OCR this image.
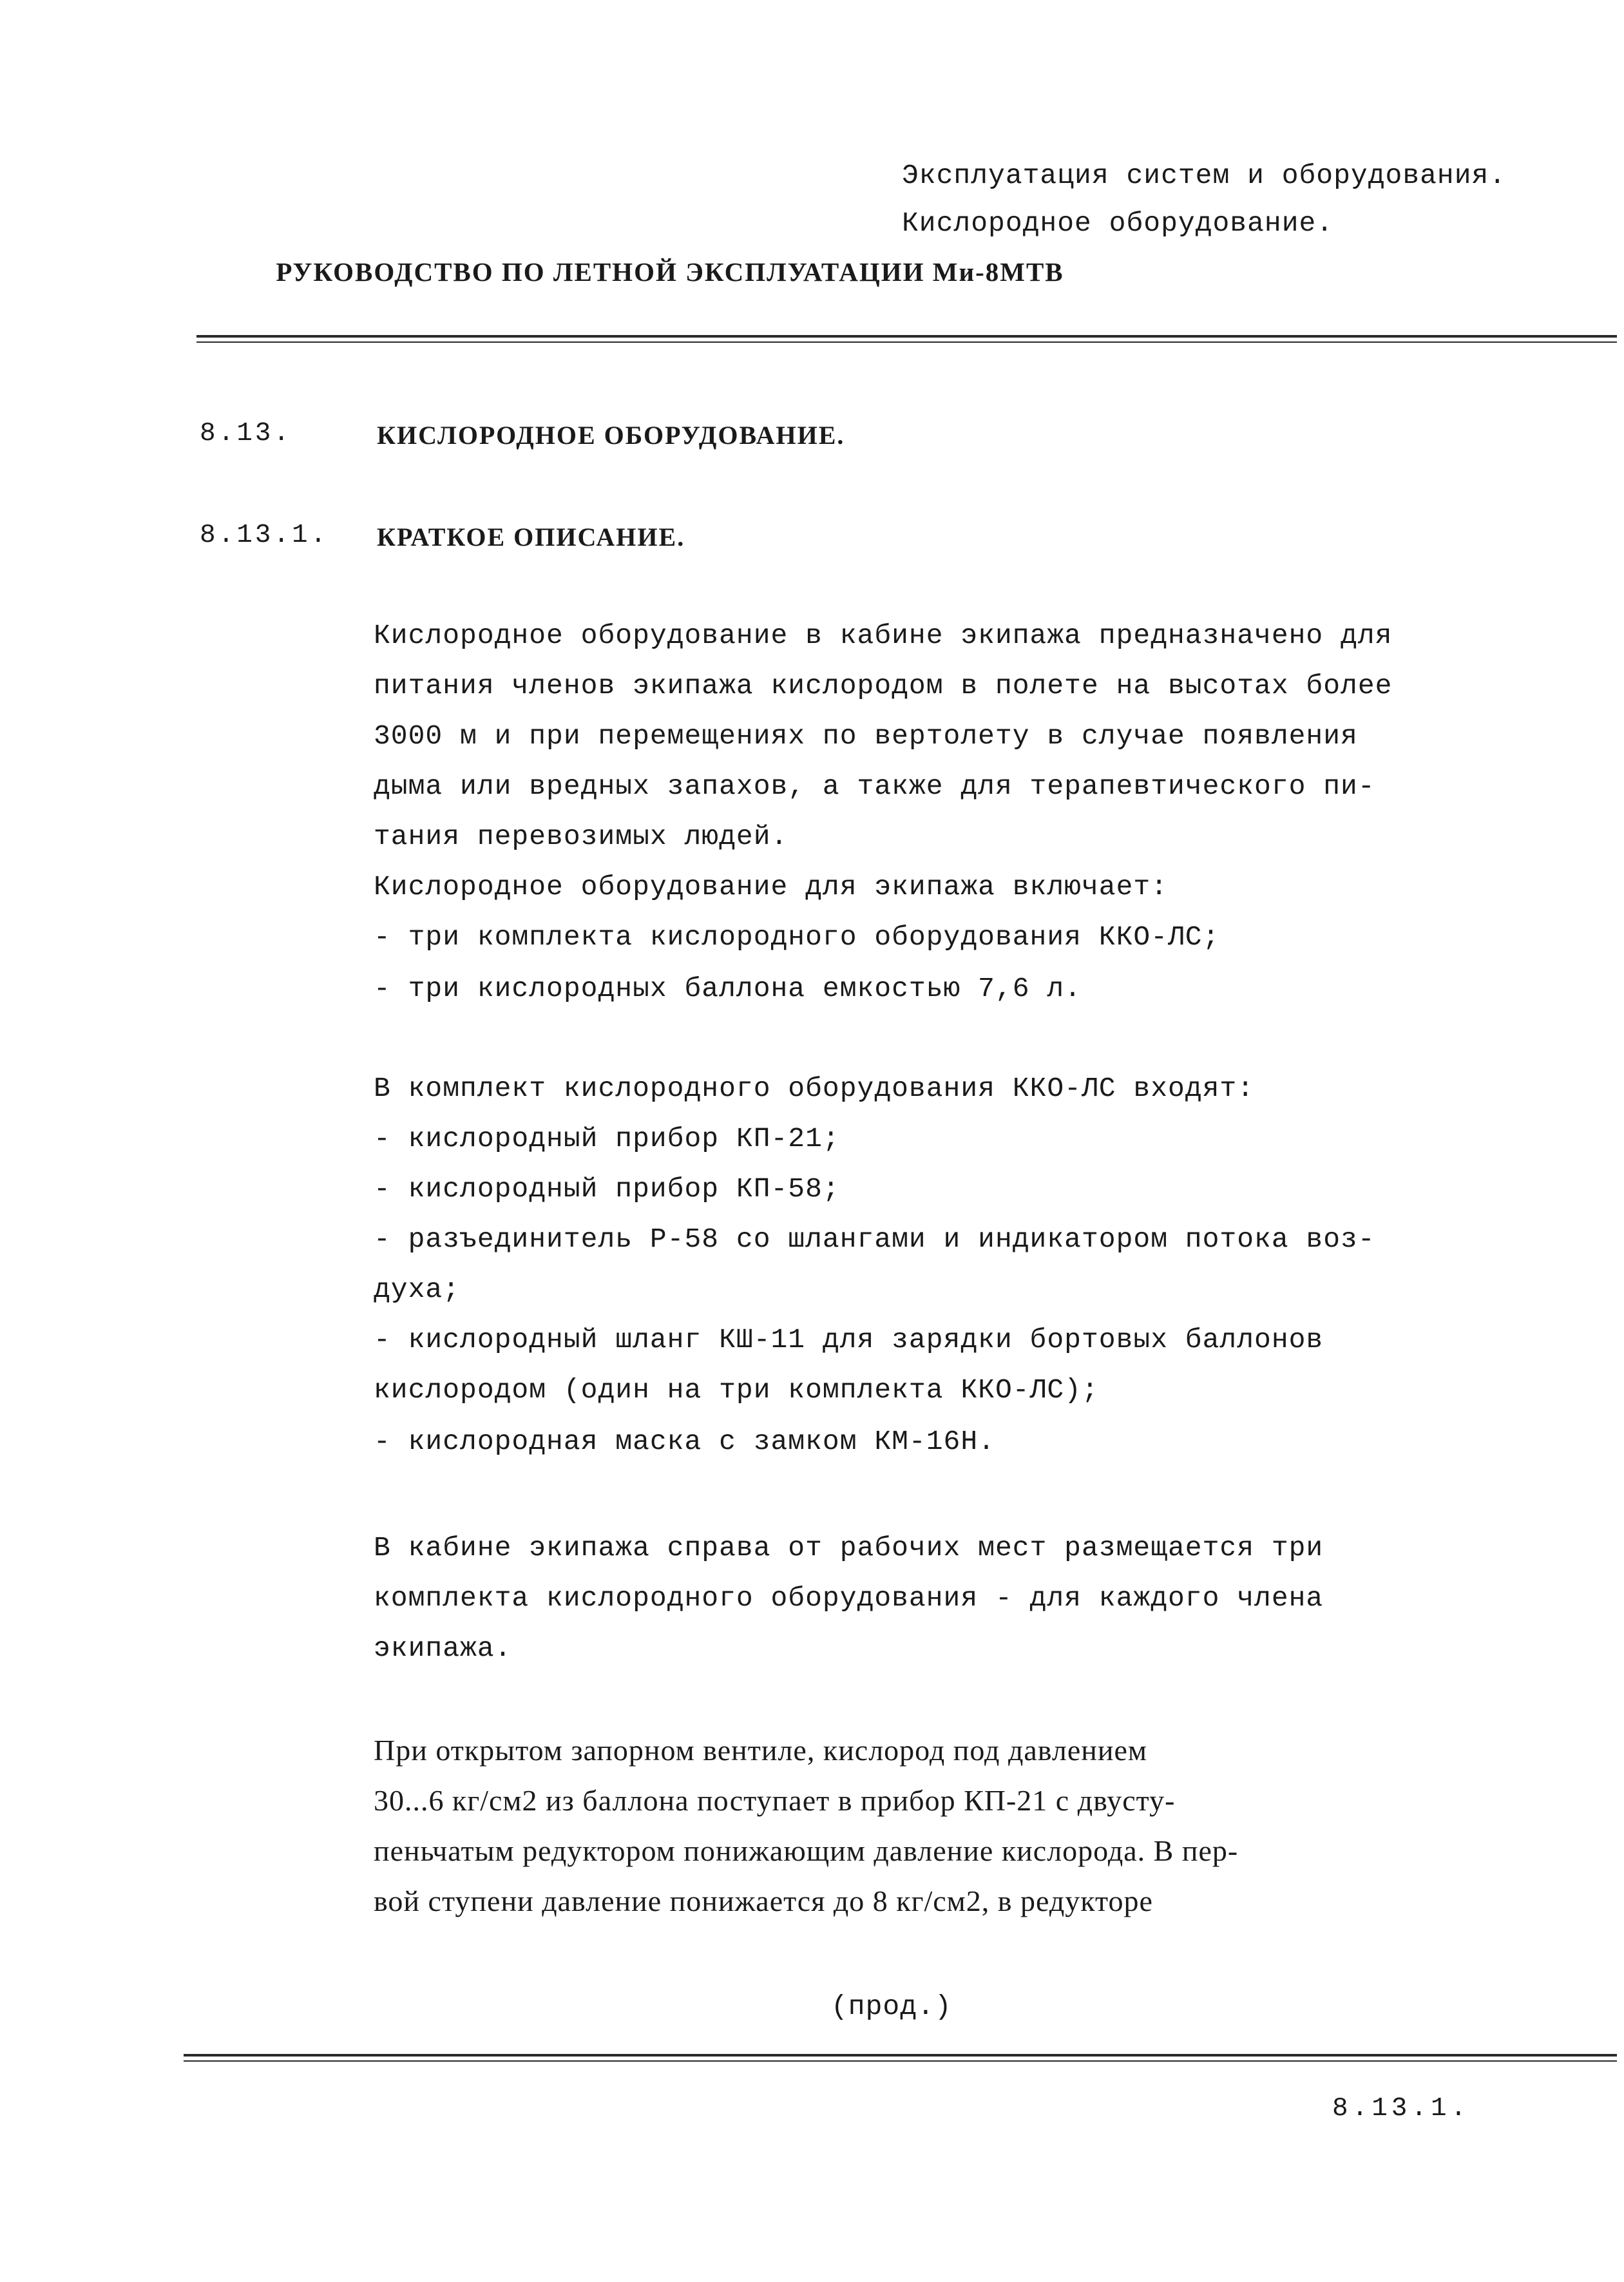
Эксплуатация систем и оборудования.
Кислородное оборудование.
РУКОВОДСТВО ПО ЛЕТНОЙ ЭКСПЛУАТАЦИИ Ми-8МТВ
8.13.	КИСЛОРОДНОЕ ОБОРУДОВАНИЕ.
8.13.1. КРАТКОЕ ОПИСАНИЕ.
Кислородное оборудование в кабине экипажа предназначено для
питания членов экипажа кислородом в полете на высотах более
3000 м и при перемещениях по вертолету в случае появления
дыма или вредных запахов, а также для терапевтического пи-
тания перевозимых людей.
Кислородное оборудование для экипажа включает:
- три комплекта кислородного оборудования ККО-ЛС;
- три кислородных баллона емкостью 7,6 л.
В комплект кислородного оборудования ККО-ЛС входят:
- кислородный прибор КП-21;
- кислородный прибор КП-58;
- разъединитель Р-58 со шлангами и индикатором потока воз-
духа;
- кислородный шланг КШ-11 для зарядки бортовых баллонов
кислородом (один на три комплекта ККО-ЛС);
- кислородная маска с замком КМ-16Н.
В кабине экипажа справа от рабочих мест размещается три
комплекта кислородного оборудования - для каждого члена
экипажа.
При открытом запорном вентиле, кислород под давлением
30...6 кг/см2 из баллона поступает в прибор КП-21 с двусту-
пеньчатым редуктором понижающим давление кислорода. В пер-
вой ступени давление понижается до 8 кг/см2, в редукторе
(прод.)
8.13.1.
